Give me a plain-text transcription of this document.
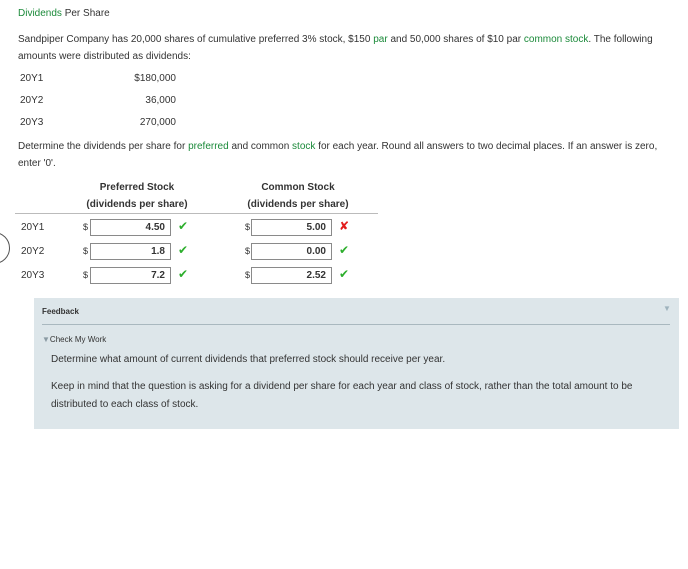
Dividends Per Share
Sandpiper Company has 20,000 shares of cumulative preferred 3% stock, $150 par and 50,000 shares of $10 par common stock. The following amounts were distributed as dividends:
20Y1	$180,000
20Y2	36,000
20Y3	270,000
Determine the dividends per share for preferred and common stock for each year. Round all answers to two decimal places. If an answer is zero, enter '0'.
Preferred Stock
(dividends per share)
Common Stock
(dividends per share)
20Y1	$	4.50	✔	$	5.00	✘
20Y2	$	1.8	✔	$	0.00	✔
20Y3	$	7.2	✔	$	2.52	✔
Feedback	▼
▼Check My Work
Determine what amount of current dividends that preferred stock should receive per year.
Keep in mind that the question is asking for a dividend per share for each year and class of stock, rather than the total amount to be distributed to each class of stock.
